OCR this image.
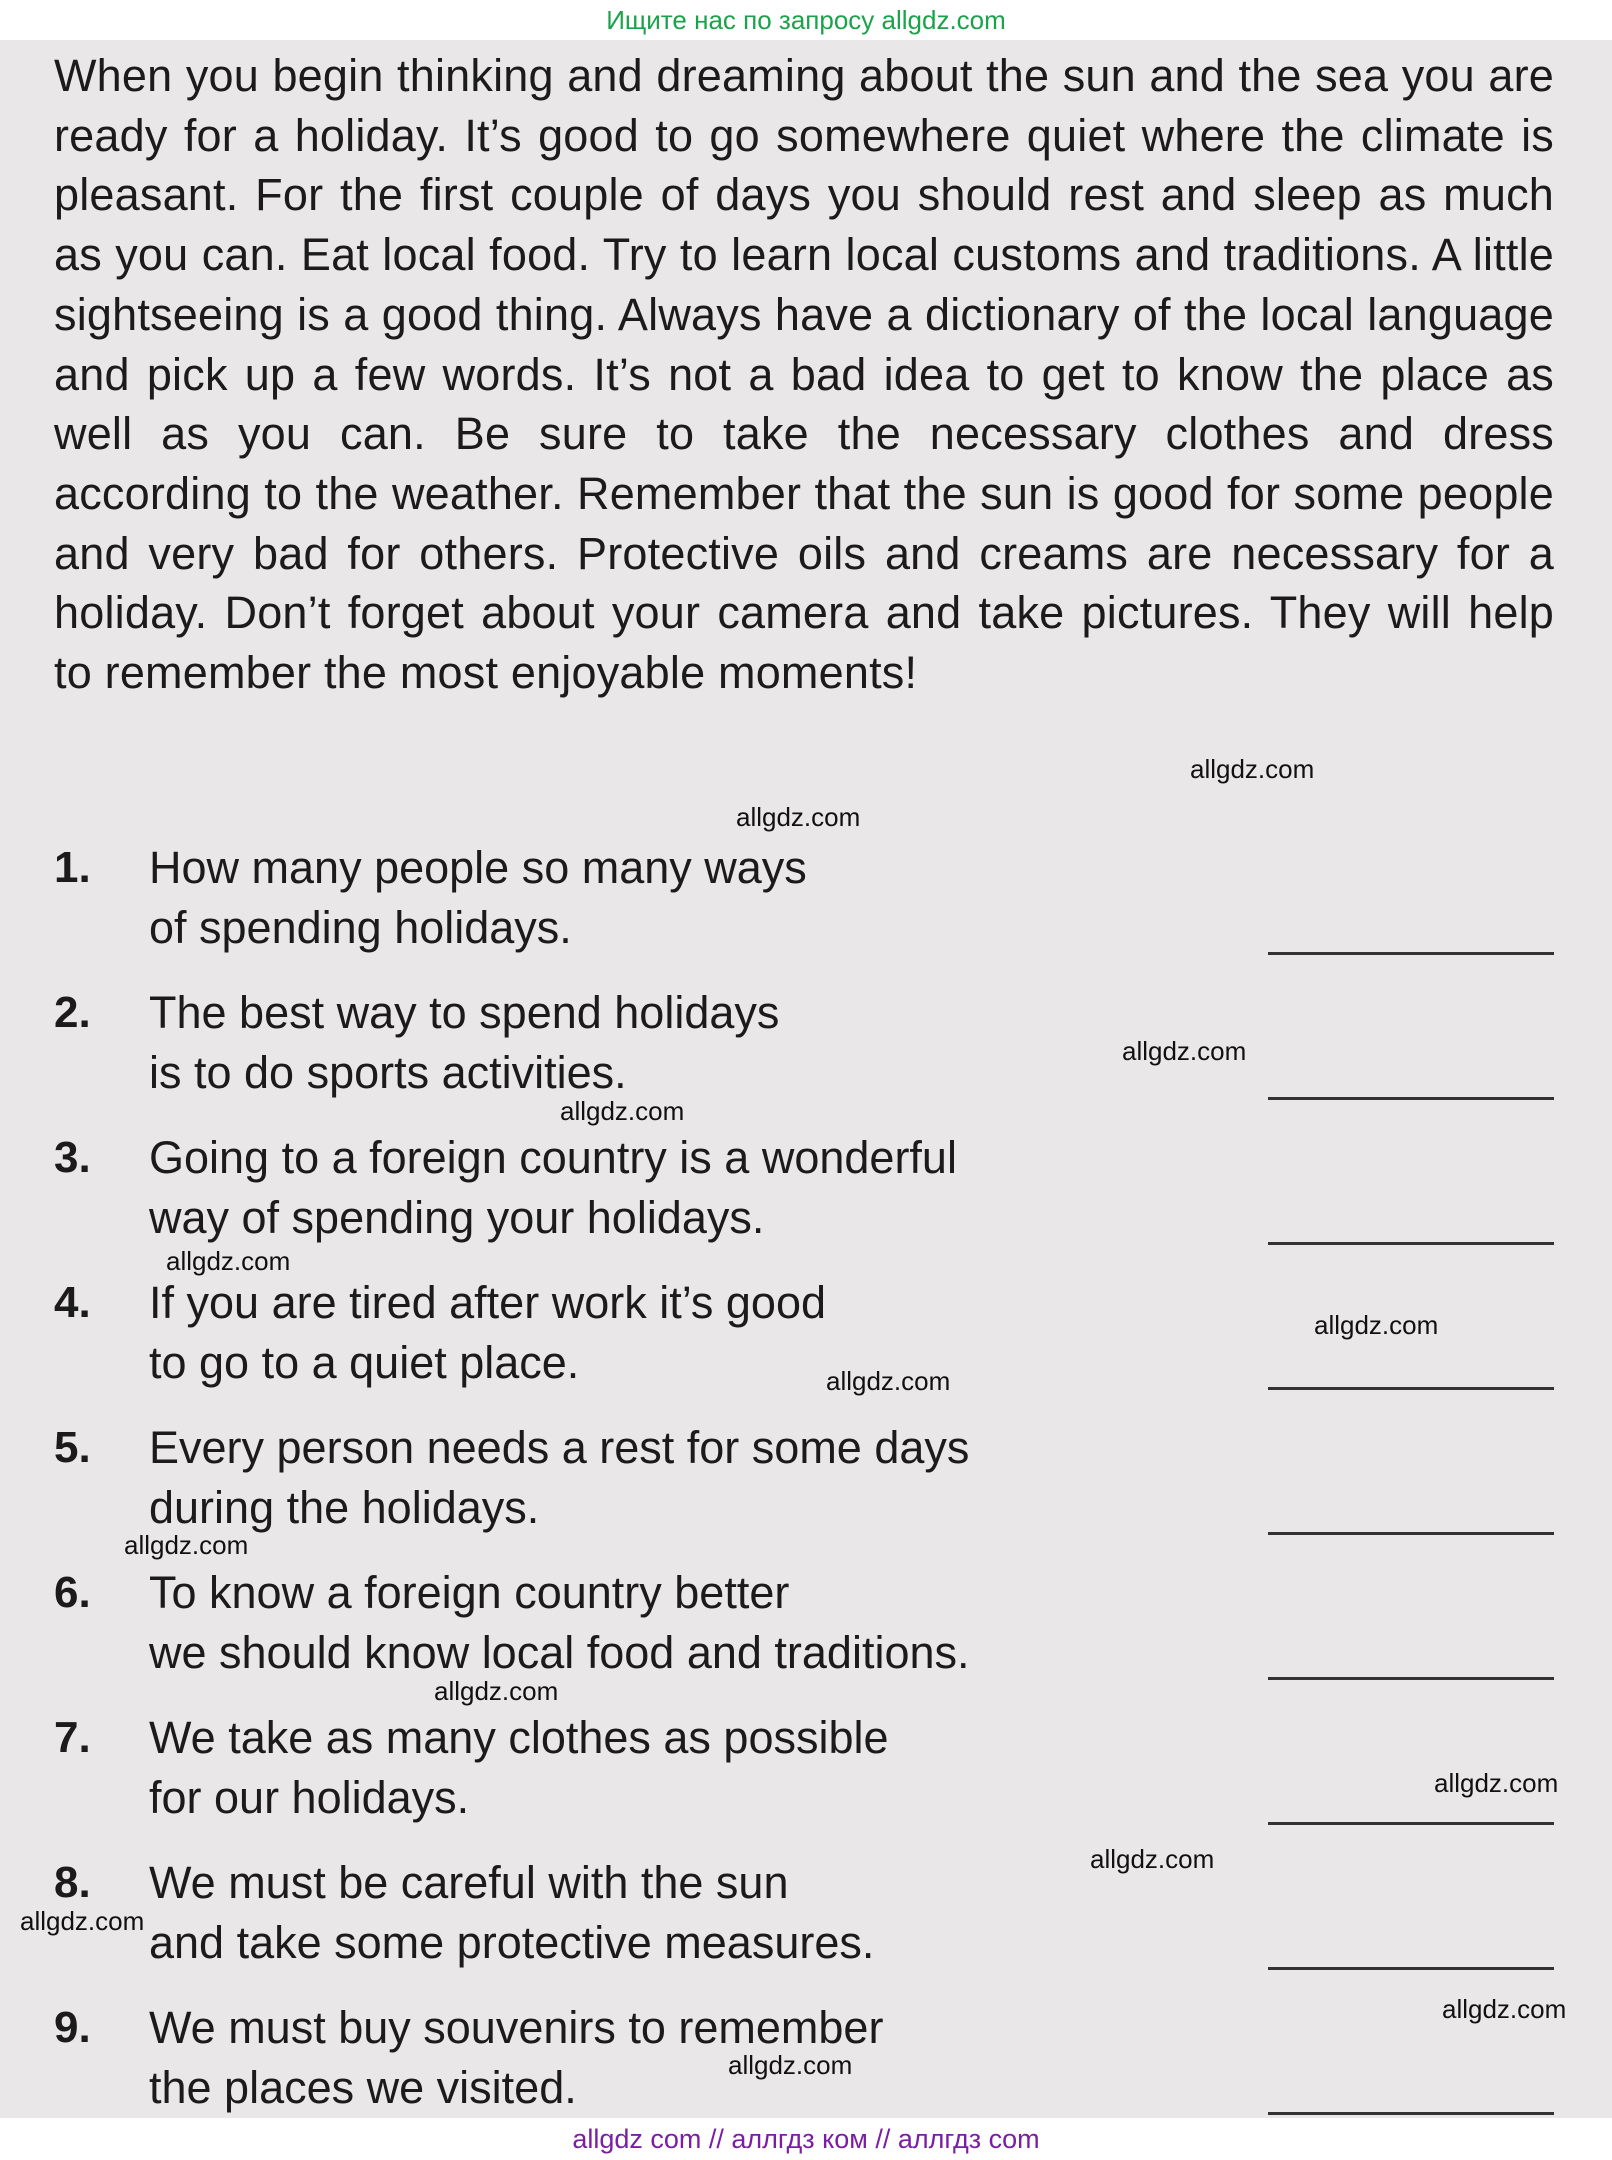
Ищите нас по запросу allgdz.com
When you begin thinking and dreaming about the sun and the sea you are ready for a holiday. It’s good to go somewhere quiet where the climate is pleasant. For the first couple of days you should rest and sleep as much as you can. Eat local food. Try to learn local customs and traditions. A little sightseeing is a good thing. Always have a dictionary of the local language and pick up a few words. It’s not a bad idea to get to know the place as well as you can. Be sure to take the necessary clothes and dress according to the weather. Remember that the sun is good for some people and very bad for others. Protective oils and creams are necessary for a holiday. Don’t forget about your camera and take pictures. They will help to remember the most enjoyable moments!
1. How many people so many ways
of spending holidays.
2. The best way to spend holidays
is to do sports activities.
3. Going to a foreign country is a wonderful
way of spending your holidays.
4. If you are tired after work it’s good
to go to a quiet place.
5. Every person needs a rest for some days
during the holidays.
6. To know a foreign country better
we should know local food and traditions.
7. We take as many clothes as possible
for our holidays.
8. We must be careful with the sun
and take some protective measures.
9. We must buy souvenirs to remember
the places we visited.
allgdz.com
allgdz.com
allgdz.com
allgdz.com
allgdz.com
allgdz.com
allgdz.com
allgdz.com
allgdz.com
allgdz.com
allgdz.com
allgdz.com
allgdz.com
allgdz.com
allgdz com // аллгдз ком // аллгдз com
